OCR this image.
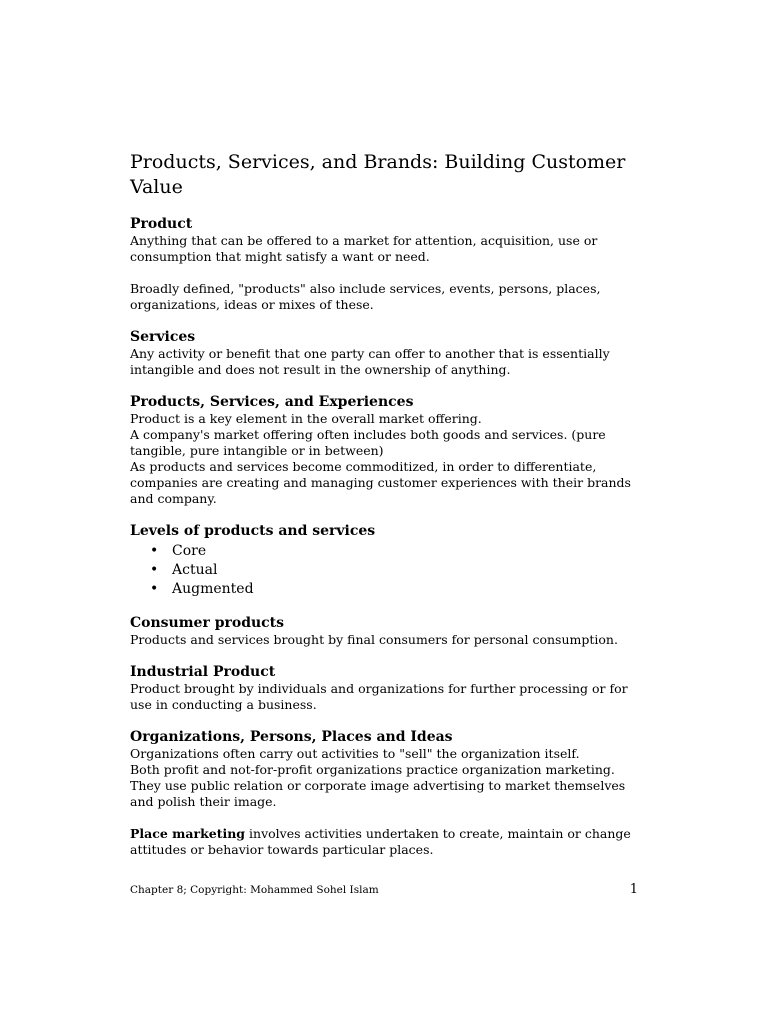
Products, Services, and Brands: Building Customer Value
Product

Anything that can be offered to a market for attention, acquisition, use or consumption that might satisfy a want or need.

Broadly defined, "products" also include services, events, persons, places, organizations, ideas or mixes of these.

Services

Any activity or benefit that one party can offer to another that is essentially intangible and does not result in the ownership of anything.

Products, Services, and Experiences

Product is a key element in the overall market offering.

A company's market offering often includes both goods and services. (pure tangible, pure intangible or in between)

As products and services become commoditized, in order to differentiate, companies are creating and managing customer experiences with their brands and company.

Levels of products and services
• Core
• Actual
• Augmented
Consumer products

Products and services brought by final consumers for personal consumption.

Industrial Product

Product brought by individuals and organizations for further processing or for use in conducting a business.

Organizations, Persons, Places and Ideas

Organizations often carry out activities to "sell" the organization itself.

Both profit and not-for-profit organizations practice organization marketing.

They use public relation or corporate image advertising to market themselves and polish their image.

Place marketing involves activities undertaken to create, maintain or change attitudes or behavior towards particular places.

Chapter 8; Copyright: Mohammed Sohel Islam	1
